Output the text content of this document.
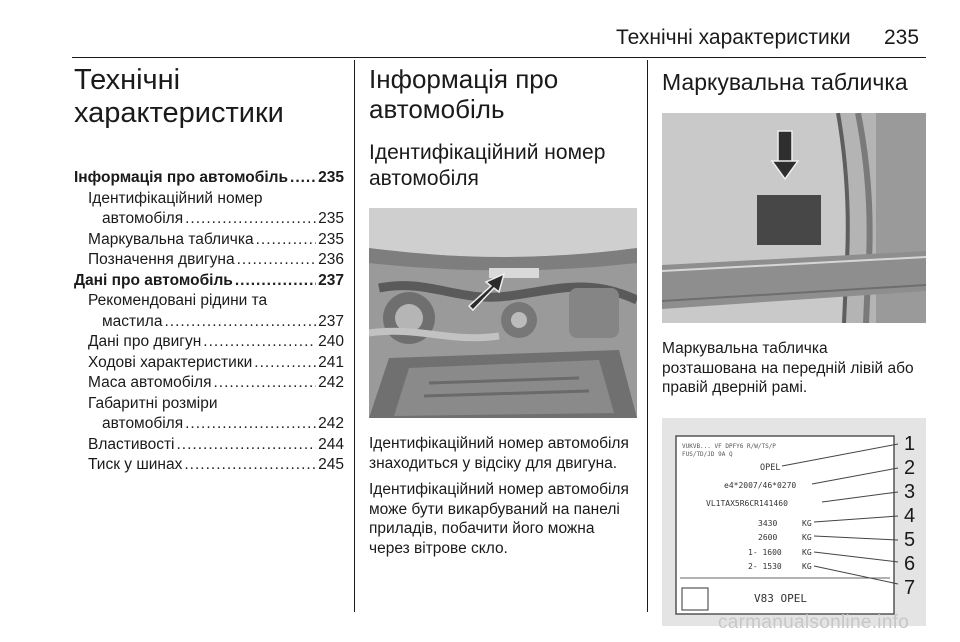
Технічні характеристики 235
Технічні характеристики
Інформація про автомобіль ..... 235
Ідентифікаційний номер
автомобіля .....	235
Маркувальна табличка .....	235
Позначення двигуна .....	236
Дані про автомобіль .....	237
Рекомендовані рідини та
мастила .....	237
Дані про двигун .....	240
Ходові характеристики .....	241
Маса автомобіля .....	242
Габаритні розміри
автомобіля .....	242
Властивості .....	244
Тиск у шинах .....	245
Інформація про автомобіль
Ідентифікаційний номер автомобіля

Ідентифікаційний номер автомобіля знаходиться у відсіку для двигуна.

Ідентифікаційний номер автомобіля може бути викарбуваний на панелі приладів, побачити його можна через вітрове скло.

Маркувальна табличка

Маркувальна табличка розташована на передній лівій або правій дверній рамі.

VUKVB... VF DPFY6 R/W/TS/P
FUS/TD/JD 9A Q
OPEL
e4*2007/46*0270
VL1TAX5R6CR141460
3430	KG
2600	KG
1- 1600	KG
2- 1530	KG
V83 OPEL
1
2
3
4
5
6
7
carmanualsonline.info
